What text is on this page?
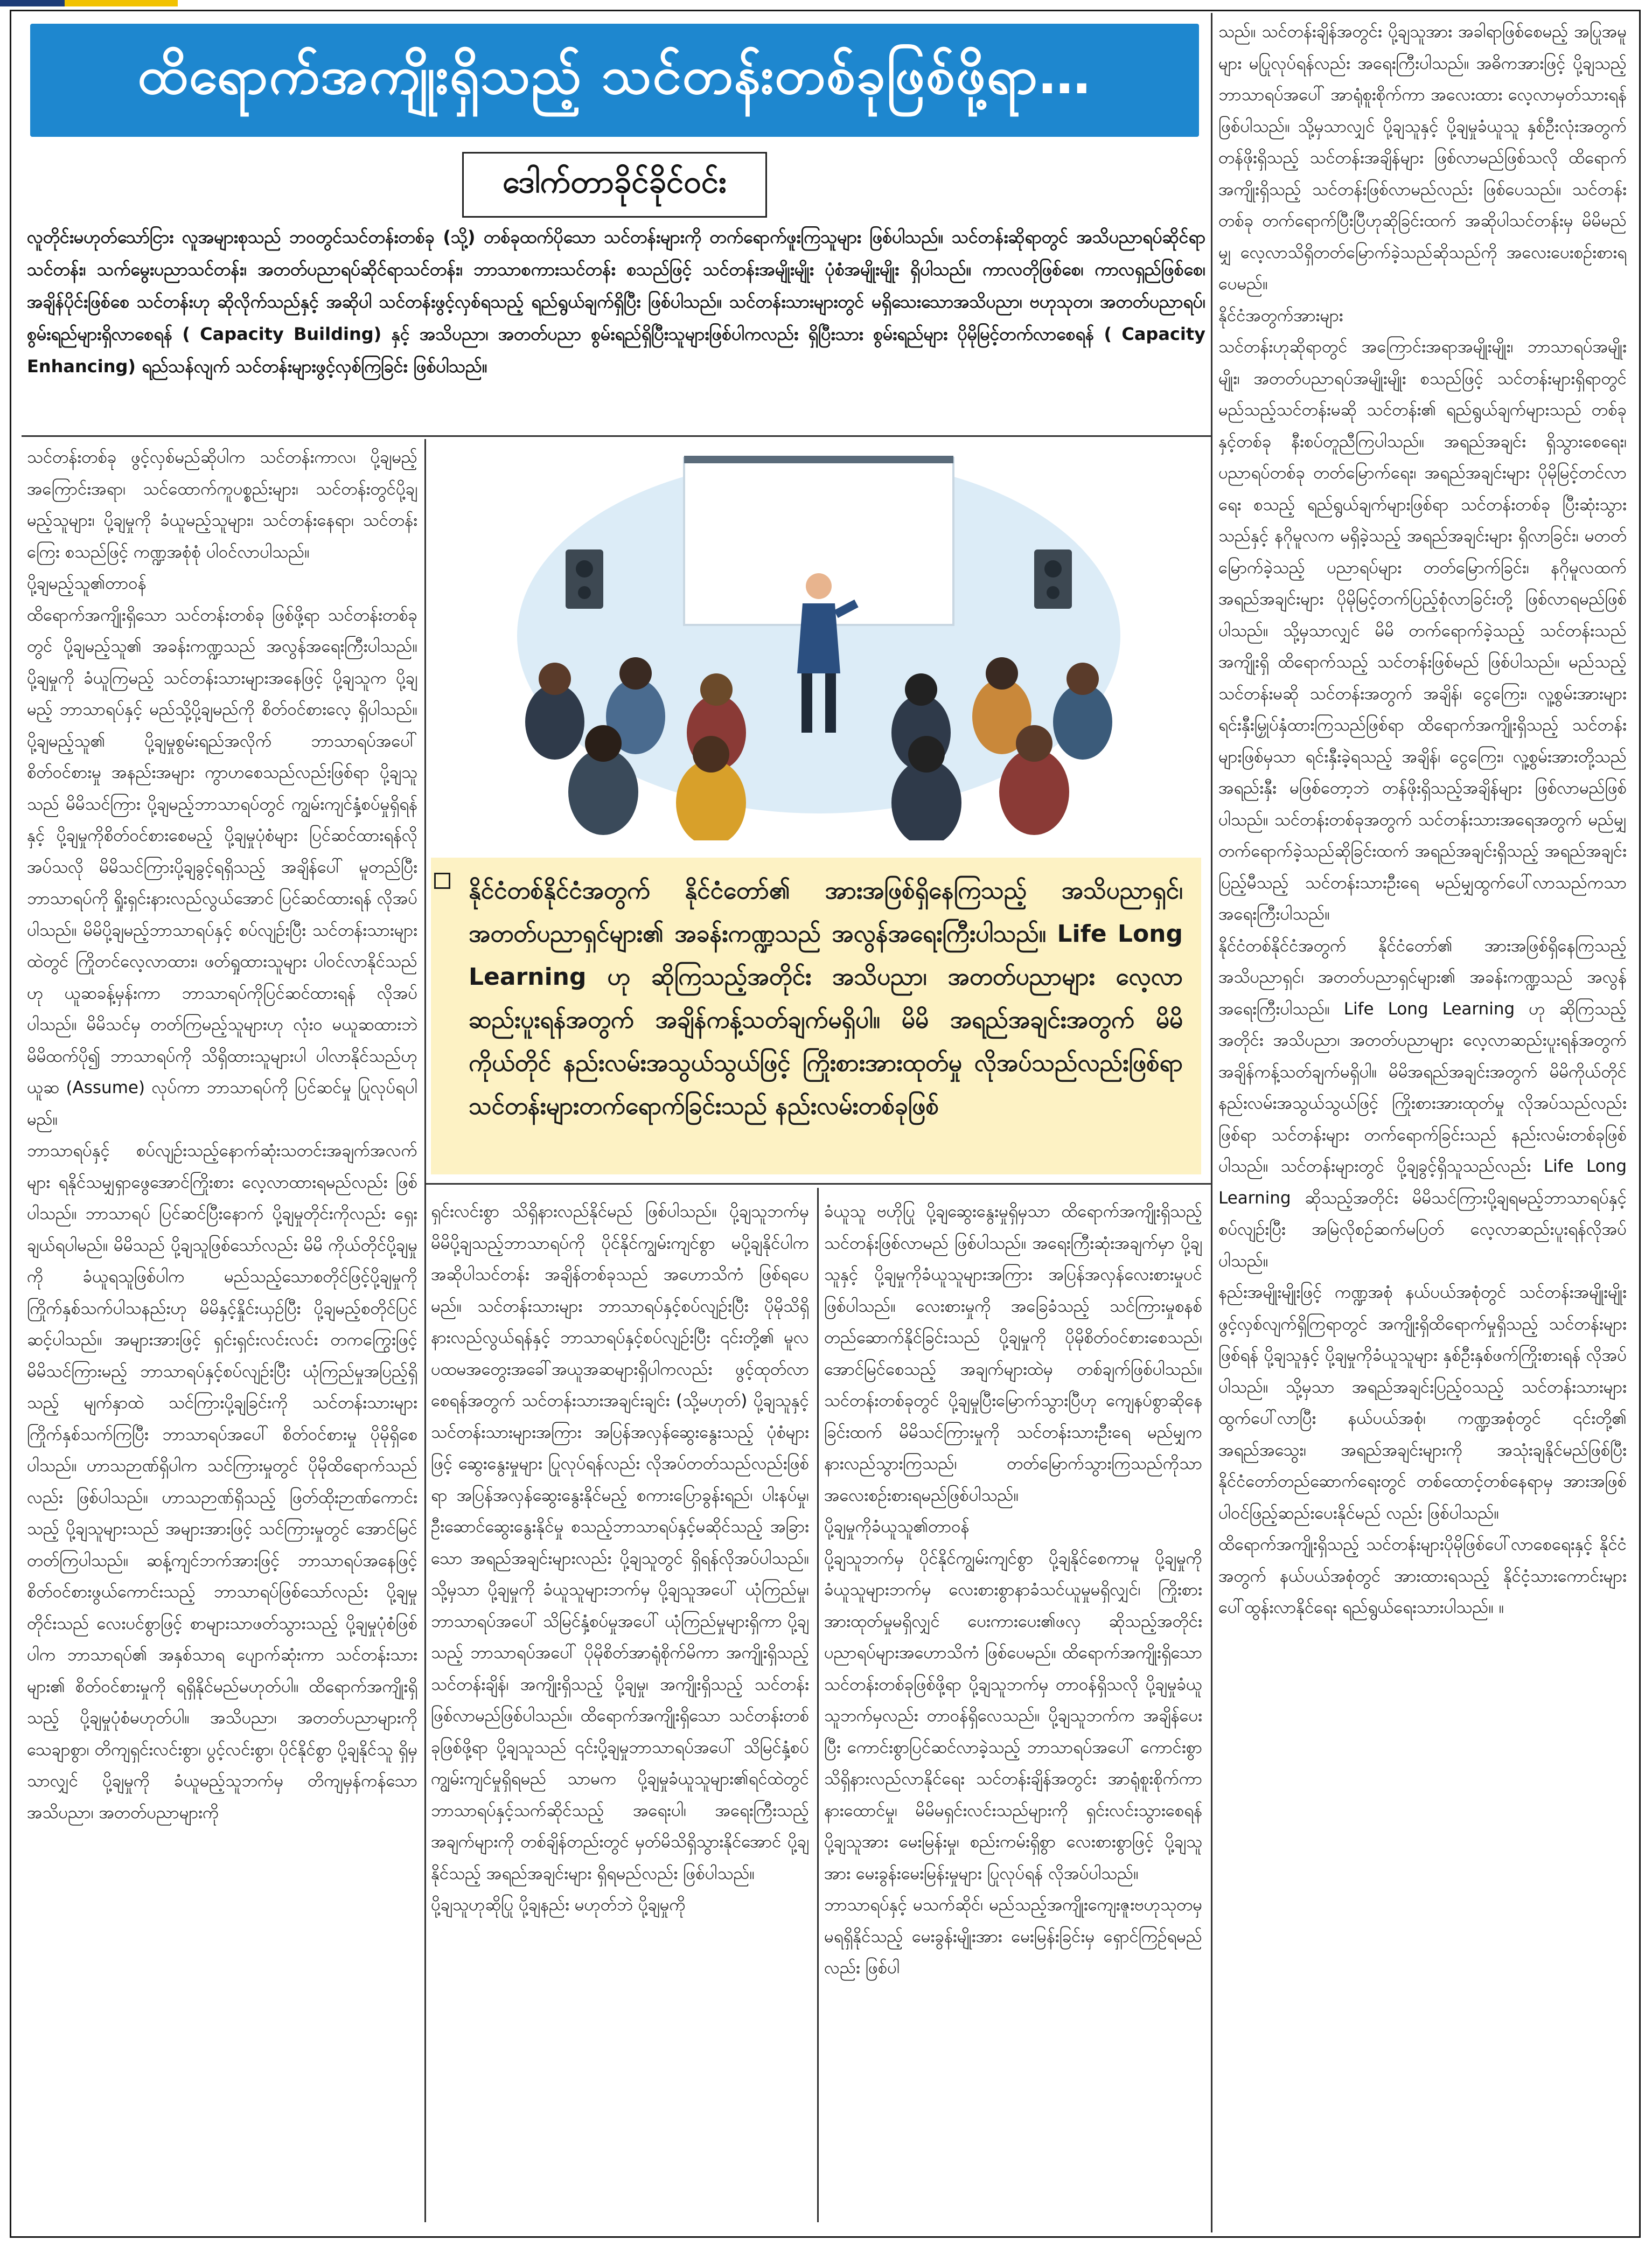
ထိရောက်အကျိုးရှိသည့် သင်တန်းတစ်ခုဖြစ်ဖို့ရာ…
ဒေါက်တာခိုင်ခိုင်ဝင်း
လူတိုင်းမဟုတ်သော်ငြား လူအများစုသည် ဘဝတွင်သင်တန်းတစ်ခု (သို့) တစ်ခုထက်ပိုသော သင်တန်းများကို တက်ရောက်ဖူးကြသူများ ဖြစ်ပါသည်။ သင်တန်းဆိုရာတွင် အသိပညာရပ်ဆိုင်ရာ သင်တန်း၊ သက်မွေးပညာသင်တန်း၊ အတတ်ပညာရပ်ဆိုင်ရာသင်တန်း၊ ဘာသာစကားသင်တန်း စသည်ဖြင့် သင်တန်းအမျိုးမျိုး ပုံစံအမျိုးမျိုး ရှိပါသည်။ ကာလတိုဖြစ်စေ၊ ကာလရှည်ဖြစ်စေ၊ အချိန်ပိုင်းဖြစ်စေ သင်တန်းဟု ဆိုလိုက်သည်နှင့် အဆိုပါ သင်တန်းဖွင့်လှစ်ရသည့် ရည်ရွယ်ချက်ရှိပြီး ဖြစ်ပါသည်။ သင်တန်းသားများတွင် မရှိသေးသောအသိပညာ၊ ဗဟုသုတ၊ အတတ်ပညာရပ်၊ စွမ်းရည်များရှိလာစေရန် ( Capacity Building) နှင့် အသိပညာ၊ အတတ်ပညာ စွမ်းရည်ရှိပြီးသူများဖြစ်ပါကလည်း ရှိပြီးသား စွမ်းရည်များ ပိုမိုမြင့်တက်လာစေရန် ( Capacity Enhancing) ရည်သန်လျက် သင်တန်းများဖွင့်လှစ်ကြခြင်း ဖြစ်ပါသည်။
သင်တန်းတစ်ခု ဖွင့်လှစ်မည်ဆိုပါက သင်တန်းကာလ၊ ပို့ချမည့်အကြောင်းအရာ၊ သင်ထောက်ကူပစ္စည်းများ၊ သင်တန်းတွင်ပို့ချမည့်သူများ၊ ပို့ချမှုကို ခံယူမည့်သူများ၊ သင်တန်းနေရာ၊ သင်တန်းကြေး စသည်ဖြင့် ကဏ္ဍအစုံစုံ ပါဝင်လာပါသည်။
ပို့ချမည့်သူ၏တာဝန်
ထိရောက်အကျိုးရှိသော သင်တန်းတစ်ခု ဖြစ်ဖို့ရာ သင်တန်းတစ်ခုတွင် ပို့ချမည့်သူ၏ အခန်းကဏ္ဍသည် အလွန်အရေးကြီးပါသည်။ ပို့ချမှုကို ခံယူကြမည့် သင်တန်းသားများအနေဖြင့် ပို့ချသူက ပို့ချမည့် ဘာသာရပ်နှင့် မည်သို့ပို့ချမည်ကို စိတ်ဝင်စားလေ့ ရှိပါသည်။ ပို့ချမည့်သူ၏ ပို့ချမှုစွမ်းရည်အလိုက် ဘာသာရပ်အပေါ် စိတ်ဝင်စားမှု အနည်းအများ ကွာဟစေသည်လည်းဖြစ်ရာ ပို့ချသူသည် မိမိသင်ကြား ပို့ချမည့်ဘာသာရပ်တွင် ကျွမ်းကျင်နှံ့စပ်မှုရှိရန်နှင့် ပို့ချမှုကိုစိတ်ဝင်စားစေမည့် ပို့ချမှုပုံစံများ ပြင်ဆင်ထားရန်လိုအပ်သလို မိမိသင်ကြားပို့ချခွင့်ရရှိသည့် အချိန်ပေါ် မူတည်ပြီး ဘာသာရပ်ကို ရှိုးရှင်းနားလည်လွယ်အောင် ပြင်ဆင်ထားရန် လိုအပ်ပါသည်။ မိမိပို့ချမည့်ဘာသာရပ်နှင့် စပ်လျဉ်းပြီး သင်တန်းသားများထဲတွင် ကြိုတင်လေ့လာထား၊ ဖတ်ရှုထားသူများ ပါဝင်လာနိုင်သည်ဟု ယူဆခန့်မှန်းကာ ဘာသာရပ်ကိုပြင်ဆင်ထားရန် လိုအပ်ပါသည်။ မိမိသင်မှ တတ်ကြမည့်သူများဟု လုံးဝ မယူဆထားဘဲ မိမိထက်ပို၍ ဘာသာရပ်ကို သိရှိထားသူများပါ ပါလာနိုင်သည်ဟုယူဆ (Assume) လုပ်ကာ ဘာသာရပ်ကို ပြင်ဆင်မှု ပြုလုပ်ရပါမည်။
ဘာသာရပ်နှင့် စပ်လျဉ်းသည့်နောက်ဆုံးသတင်းအချက်အလက်များ ရနိုင်သမျှရှာဖွေအောင်ကြိုးစား လေ့လာထားရမည်လည်း ဖြစ်ပါသည်။ ဘာသာရပ် ပြင်ဆင်ပြီးနောက် ပို့ချမှုတိုင်းကိုလည်း ရှေးချယ်ရပါမည်။ မိမိသည် ပို့ချသူဖြစ်သော်လည်း မိမိ ကိုယ်တိုင်ပို့ချမှုကို ခံယူရသူဖြစ်ပါက မည်သည့်သောစတိုင်ဖြင့်ပို့ချမှုကို ကြိုက်နှစ်သက်ပါသနည်းဟု မိမိနှင့်နှိုင်းယှဉ်ပြီး ပို့ချမည့်စတိုင်ပြင်ဆင့်ပါသည်။ အများအားဖြင့် ရှင်းရှင်းလင်းလင်း တကကြွေးဖြင့် မိမိသင်ကြားမည့် ဘာသာရပ်နှင့်စပ်လျဉ်းပြီး ယုံကြည်မှုအပြည့်ရှိသည့် မျက်နှာထဲ သင်ကြားပို့ချခြင်းကို သင်တန်းသားများကြိုက်နှစ်သက်ကြပြီး ဘာသာရပ်အပေါ် စိတ်ဝင်စားမှု ပိုမိုရှိစေပါသည်။ ဟာသဉာဏ်ရှိပါက သင်ကြားမှုတွင် ပိုမိုထိရောက်သည်လည်း ဖြစ်ပါသည်။ ဟာသဉာဏ်ရှိသည့် ဖြတ်ထိုးဉာဏ်ကောင်းသည့် ပို့ချသူများသည် အများအားဖြင့် သင်ကြားမှုတွင် အောင်မြင်တတ်ကြပါသည်။ ဆန့်ကျင်ဘက်အားဖြင့် ဘာသာရပ်အနေဖြင့် စိတ်ဝင်စားဖွယ်ကောင်းသည့် ဘာသာရပ်ဖြစ်သော်လည်း ပို့ချမှုတိုင်းသည် လေးပင်စွာဖြင့် စာများသာဖတ်သွားသည့် ပို့ချမှုပုံစံဖြစ်ပါက ဘာသာရပ်၏ အနှစ်သာရ ပျောက်ဆုံးကာ သင်တန်းသားများ၏ စိတ်ဝင်စားမှုကို ရရှိနိုင်မည်မဟုတ်ပါ။ ထိရောက်အကျိုးရှိသည့် ပို့ချမှုပုံစံမဟုတ်ပါ။ အသိပညာ၊ အတတ်ပညာများကို သေချာစွာ၊ တိကျရှင်းလင်းစွာ၊ ပွင့်လင်းစွာ၊ ပိုင်နိုင်စွာ ပို့ချနိုင်သူ ရှိမှသာလျှင် ပို့ချမှုကို ခံယူမည့်သူဘက်မှ တိကျမှန်ကန်သော အသိပညာ၊ အတတ်ပညာများကို
နိုင်ငံတစ်နိုင်ငံအတွက် နိုင်ငံတော်၏ အားအဖြစ်ရှိနေကြသည့် အသိပညာရှင်၊ အတတ်ပညာရှင်များ၏ အခန်းကဏ္ဍသည် အလွန်အရေးကြီးပါသည်။ Life Long Learning ဟု ဆိုကြသည့်အတိုင်း အသိပညာ၊ အတတ်ပညာများ လေ့လာဆည်းပူးရန်အတွက် အချိန်ကန့်သတ်ချက်မရှိပါ။ မိမိ အရည်အချင်းအတွက် မိမိကိုယ်တိုင် နည်းလမ်းအသွယ်သွယ်ဖြင့် ကြိုးစားအားထုတ်မှု လိုအပ်သည်လည်းဖြစ်ရာ သင်တန်းများတက်ရောက်ခြင်းသည် နည်းလမ်းတစ်ခုဖြစ်
ရှင်းလင်းစွာ သိရှိနားလည်နိုင်မည် ဖြစ်ပါသည်။ ပို့ချသူဘက်မှ မိမိပို့ချသည့်ဘာသာရပ်ကို ပိုင်နိုင်ကျွမ်းကျင်စွာ မပို့ချနိုင်ပါက အဆိုပါသင်တန်း အချိန်တစ်ခုသည် အဟောသိကံ ဖြစ်ရပေမည်။ သင်တန်းသားများ ဘာသာရပ်နှင့်စပ်လျဉ်းပြီး ပိုမိုသိရှိနားလည်လွယ်ရန်နှင့် ဘာသာရပ်နှင့်စပ်လျဉ်းပြီး ၎င်းတို့၏ မူလပထမအတွေးအခေါ်အယူအဆများရှိပါကလည်း ဖွင့်ထုတ်လာစေရန်အတွက် သင်တန်းသားအချင်းချင်း (သို့မဟုတ်) ပို့ချသူနှင့် သင်တန်းသားများအကြား အပြန်အလှန်ဆွေးနွေးသည့် ပုံစံများဖြင့် ဆွေးနွေးမှုများ ပြုလုပ်ရန်လည်း လိုအပ်တတ်သည်လည်းဖြစ်ရာ အပြန်အလှန်ဆွေးနွေးနိုင်မည့် စကားပြောခွန်းရည်၊ ပါးနပ်မှု၊ ဦးဆောင်ဆွေးနွေးနိုင်မှု စသည့်ဘာသာရပ်နှင့်မဆိုင်သည့် အခြားသော အရည်အချင်းများလည်း ပို့ချသူတွင် ရှိရန်လိုအပ်ပါသည်။ သို့မှသာ ပို့ချမှုကို ခံယူသူများဘက်မှ ပို့ချသူအပေါ် ယုံကြည်မှု၊ ဘာသာရပ်အပေါ် သိမြင်နှံ့စပ်မှုအပေါ် ယုံကြည်မှုများရှိကာ ပို့ချသည့် ဘာသာရပ်အပေါ် ပိုမိုစိတ်အာရုံစိုက်မိကာ အကျိုးရှိသည့် သင်တန်းချိန်၊ အကျိုးရှိသည့် ပို့ချမှု၊ အကျိုးရှိသည့် သင်တန်းဖြစ်လာမည်ဖြစ်ပါသည်။ ထိရောက်အကျိုးရှိသော သင်တန်းတစ်ခုဖြစ်ဖို့ရာ ပို့ချသူသည် ၎င်းပို့ချမှုဘာသာရပ်အပေါ် သိမြင်နှံ့စပ် ကျွမ်းကျင်မှုရှိရမည် သာမက ပို့ချမှုခံယူသူများ၏ရင်ထဲတွင် ဘာသာရပ်နှင့်သက်ဆိုင်သည့် အရေးပါ၊ အရေးကြီးသည့် အချက်များကို တစ်ချိန်တည်းတွင် မှတ်မိသိရှိသွားနိုင်အောင် ပို့ချနိုင်သည့် အရည်အချင်းများ ရှိရမည်လည်း ဖြစ်ပါသည်။
ပို့ချသူဟုဆိုပြု ပို့ချနည်း မဟုတ်ဘဲ ပို့ချမှုကို
ခံယူသူ ဗဟိုပြု ပို့ချဆွေးနွေးမှုရှိမှသာ ထိရောက်အကျိုးရှိသည့် သင်တန်းဖြစ်လာမည် ဖြစ်ပါသည်။ အရေးကြီးဆုံးအချက်မှာ ပို့ချသူနှင့် ပို့ချမှုကိုခံယူသူများအကြား အပြန်အလှန်လေးစားမှုပင် ဖြစ်ပါသည်။ လေးစားမှုကို အခြေခံသည့် သင်ကြားမှုစနစ်တည်ဆောက်နိုင်ခြင်းသည် ပို့ချမှုကို ပိုမိုစိတ်ဝင်စားစေသည်၊ အောင်မြင်စေသည့် အချက်များထဲမှ တစ်ချက်ဖြစ်ပါသည်။ သင်တန်းတစ်ခုတွင် ပို့ချမှုပြီးမြောက်သွားပြီဟု ကျေနပ်စွာဆိုနေခြင်းထက် မိမိသင်ကြားမှုကို သင်တန်းသားဦးရေ မည်မျှက နားလည်သွားကြသည်၊ တတ်မြောက်သွားကြသည်ကိုသာ အလေးစဉ်းစားရမည်ဖြစ်ပါသည်။
ပို့ချမှုကိုခံယူသူ၏တာဝန်
ပို့ချသူဘက်မှ ပိုင်နိုင်ကျွမ်းကျင်စွာ ပို့ချနိုင်စေကာမူ ပို့ချမှုကို ခံယူသူများဘက်မှ လေးစားစွာနာခံသင်ယူမှုမရှိလျှင်၊ ကြိုးစားအားထုတ်မှုမရှိလျှင် ပေးကားပေး၏ဖလှ ဆိုသည့်အတိုင်း ပညာရပ်များအဟောသိကံ ဖြစ်ပေမည်။ ထိရောက်အကျိုးရှိသော သင်တန်းတစ်ခုဖြစ်ဖို့ရာ ပို့ချသူဘက်မှ တာဝန်ရှိသလို ပို့ချမှုခံယူသူဘက်မှလည်း တာဝန်ရှိလေသည်။ ပို့ချသူဘက်က အချိန်ပေးပြီး ကောင်းစွာပြင်ဆင်လာခဲ့သည့် ဘာသာရပ်အပေါ် ကောင်းစွာသိရှိနားလည်လာနိုင်ရေး သင်တန်းချိန်အတွင်း အာရုံစူးစိုက်ကာ နားထောင်မှု၊ မိမိမရှင်းလင်းသည်များကို ရှင်းလင်းသွားစေရန် ပို့ချသူအား မေးမြန်းမှု၊ စည်းကမ်းရှိစွာ လေးစားစွာဖြင့် ပို့ချသူအား မေးခွန်းမေးမြန်းမှုများ ပြုလုပ်ရန် လိုအပ်ပါသည်။
ဘာသာရပ်နှင့် မသက်ဆိုင်၊ မည်သည့်အကျိုးကျေးဇူးဗဟုသုတမှ မရရှိနိုင်သည့် မေးခွန်းမျိုးအား မေးမြန်းခြင်းမှ ရှောင်ကြဉ်ရမည်လည်း ဖြစ်ပါ
သည်။ သင်တန်းချိန်အတွင်း ပို့ချသူအား အခါရာဖြစ်စေမည့် အပြုအမူများ မပြုလုပ်ရန်လည်း အရေးကြီးပါသည်။ အဓိကအားဖြင့် ပို့ချသည့် ဘာသာရပ်အပေါ် အာရုံစူးစိုက်ကာ အလေးထား လေ့လာမှတ်သားရန် ဖြစ်ပါသည်။ သို့မှသာလျှင် ပို့ချသူနှင့် ပို့ချမှုခံယူသူ နှစ်ဦးလုံးအတွက် တန်ဖိုးရှိသည့် သင်တန်းအချိန်များ ဖြစ်လာမည်ဖြစ်သလို ထိရောက်အကျိုးရှိသည့် သင်တန်းဖြစ်လာမည်လည်း ဖြစ်ပေသည်။ သင်တန်းတစ်ခု တက်ရောက်ပြီးပြီဟုဆိုခြင်းထက် အဆိုပါသင်တန်းမှ မိမိမည်မျှ လေ့လာသိရှိတတ်မြောက်ခဲ့သည်ဆိုသည်ကို အလေးပေးစဉ်းစားရပေမည်။
နိုင်ငံအတွက်အားများ
သင်တန်းဟုဆိုရာတွင် အကြောင်းအရာအမျိုးမျိုး၊ ဘာသာရပ်အမျိုးမျိုး၊ အတတ်ပညာရပ်အမျိုးမျိုး စသည်ဖြင့် သင်တန်းများရှိရာတွင် မည်သည့်သင်တန်းမဆို သင်တန်း၏ ရည်ရွယ်ချက်များသည် တစ်ခုနှင့်တစ်ခု နီးစပ်တူညီကြပါသည်။ အရည်အချင်း ရှိသွားစေရေး၊ ပညာရပ်တစ်ခု တတ်မြောက်ရေး၊ အရည်အချင်းများ ပိုမိုမြင့်တင်လာရေး စသည့် ရည်ရွယ်ချက်များဖြစ်ရာ သင်တန်းတစ်ခု ပြီးဆုံးသွားသည်နှင့် နဂိုမူလက မရှိခဲ့သည့် အရည်အချင်းများ ရှိလာခြင်း၊ မတတ်မြောက်ခဲ့သည့် ပညာရပ်များ တတ်မြောက်ခြင်း၊ နဂိုမူလထက် အရည်အချင်းများ ပိုမိုမြင့်တက်ပြည့်စုံလာခြင်းတို့ ဖြစ်လာရမည်ဖြစ်ပါသည်။ သို့မှသာလျှင် မိမိ တက်ရောက်ခဲ့သည့် သင်တန်းသည် အကျိုးရှိ ထိရောက်သည့် သင်တန်းဖြစ်မည် ဖြစ်ပါသည်။ မည်သည့်သင်တန်းမဆို သင်တန်းအတွက် အချိန်၊ ငွေကြေး၊ လူ့စွမ်းအားများ ရင်းနှီးမြှုပ်နှံထားကြသည်ဖြစ်ရာ ထိရောက်အကျိုးရှိသည့် သင်တန်းများဖြစ်မှသာ ရင်းနှီးခဲ့ရသည့် အချိန်၊ ငွေကြေး၊ လူ့စွမ်းအားတို့သည် အရည်းနှီး မဖြစ်တော့ဘဲ တန်ဖိုးရှိသည့်အချိန်များ ဖြစ်လာမည်ဖြစ်ပါသည်။ သင်တန်းတစ်ခုအတွက် သင်တန်းသားအရေအတွက် မည်မျှတက်ရောက်ခဲ့သည်ဆိုခြင်းထက် အရည်အချင်းရှိသည့် အရည်အချင်းပြည့်မီသည့် သင်တန်းသားဦးရေ မည်မျှထွက်ပေါ်လာသည်ကသာ အရေးကြီးပါသည်။
နိုင်ငံတစ်နိုင်ငံအတွက် နိုင်ငံတော်၏ အားအဖြစ်ရှိနေကြသည့် အသိပညာရှင်၊ အတတ်ပညာရှင်များ၏ အခန်းကဏ္ဍသည် အလွန်အရေးကြီးပါသည်။ Life Long Learning ဟု ဆိုကြသည့်အတိုင်း အသိပညာ၊ အတတ်ပညာများ လေ့လာဆည်းပူးရန်အတွက် အချိန်ကန့်သတ်ချက်မရှိပါ။ မိမိအရည်အချင်းအတွက် မိမိကိုယ်တိုင် နည်းလမ်းအသွယ်သွယ်ဖြင့် ကြိုးစားအားထုတ်မှု လိုအပ်သည်လည်းဖြစ်ရာ သင်တန်းများ တက်ရောက်ခြင်းသည် နည်းလမ်းတစ်ခုဖြစ်ပါသည်။ သင်တန်းများတွင် ပို့ချခွင့်ရှိသူသည်လည်း Life Long Learning ဆိုသည့်အတိုင်း မိမိသင်ကြားပို့ချရမည့်ဘာသာရပ်နှင့် စပ်လျဉ်းပြီး အမြဲလိုစဉ်ဆက်မပြတ် လေ့လာဆည်းပူးရန်လိုအပ်ပါသည်။
နည်းအမျိုးမျိုးဖြင့် ကဏ္ဍအစုံ နယ်ပယ်အစုံတွင် သင်တန်းအမျိုးမျိုး ဖွင့်လှစ်လျက်ရှိကြရာတွင် အကျိုးရှိထိရောက်မှုရှိသည့် သင်တန်းများဖြစ်ရန် ပို့ချသူနှင့် ပို့ချမှုကိုခံယူသူများ နှစ်ဦးနှစ်ဖက်ကြိုးစားရန် လိုအပ်ပါသည်။ သို့မှသာ အရည်အချင်းပြည့်ဝသည့် သင်တန်းသားများ ထွက်ပေါ်လာပြီး နယ်ပယ်အစုံ၊ ကဏ္ဍအစုံတွင် ၎င်းတို့၏ အရည်အသွေး၊ အရည်အချင်းများကို အသုံးချနိုင်မည်ဖြစ်ပြီး နိုင်ငံတော်တည်ဆောက်ရေးတွင် တစ်ထောင့်တစ်နေရာမှ အားအဖြစ် ပါဝင်ဖြည့်ဆည်းပေးနိုင်မည် လည်း ဖြစ်ပါသည်။
ထိရောက်အကျိုးရှိသည့် သင်တန်းများပိုမိုဖြစ်ပေါ်လာစေရေးနှင့် နိုင်ငံအတွက် နယ်ပယ်အစုံတွင် အားထားရသည့် နိုင်ငံ့သားကောင်းများ ပေါ်ထွန်းလာနိုင်ရေး ရည်ရွယ်ရေးသားပါသည်။ ။
